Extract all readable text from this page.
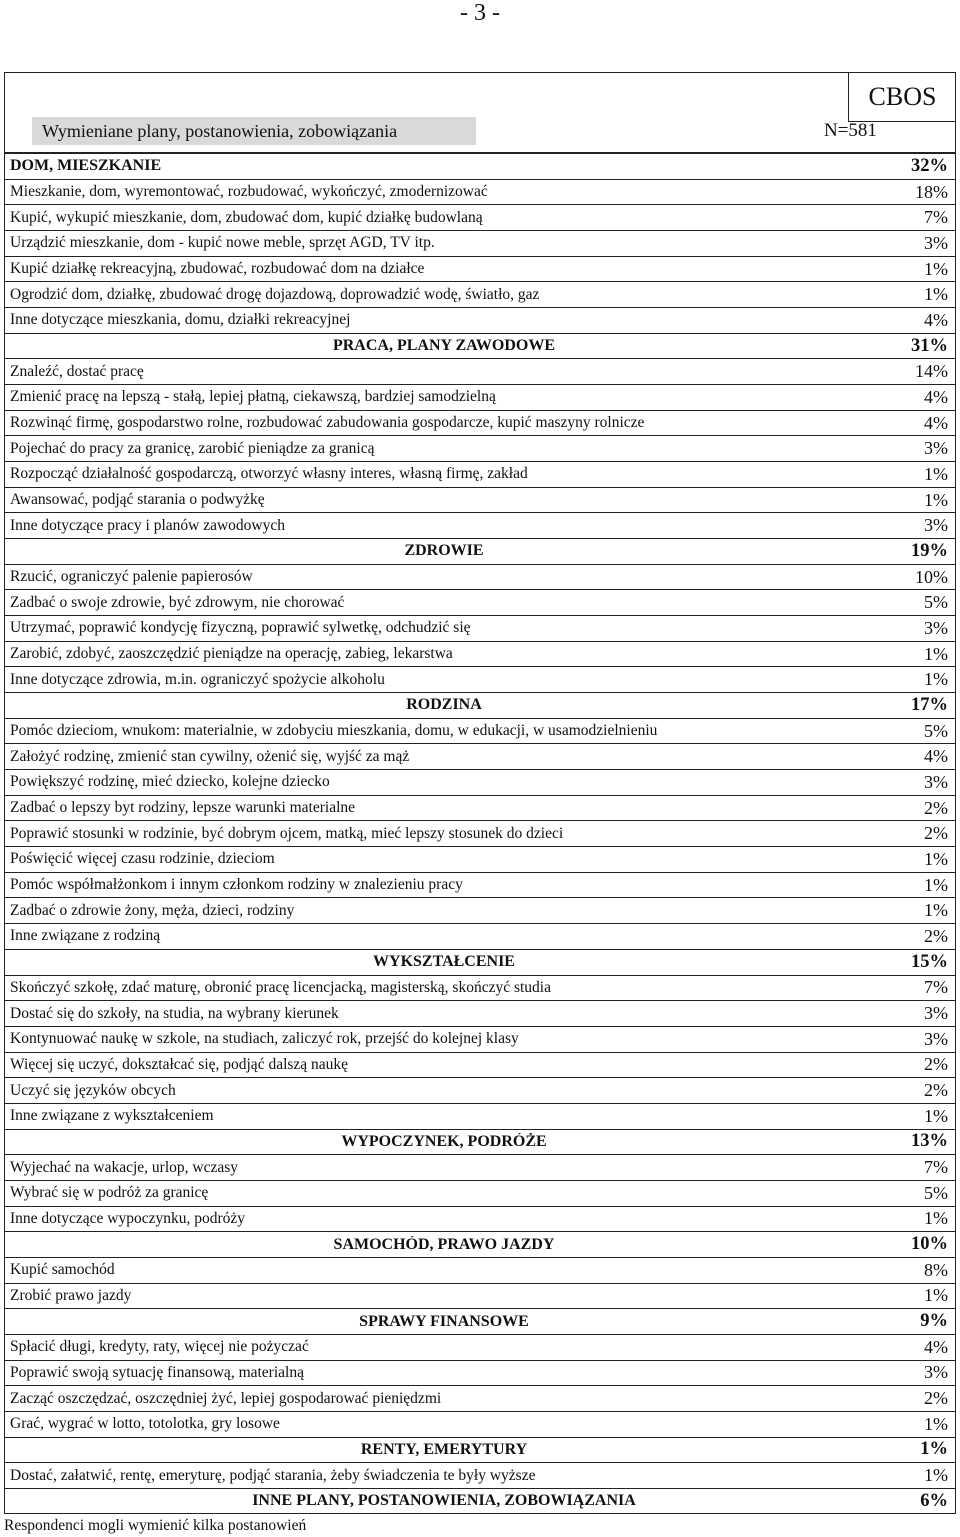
- 3 -
CBOS
Wymieniane plany, postanowienia, zobowiązania	N=581
DOM, MIESZKANIE	32%
Mieszkanie, dom, wyremontować, rozbudować, wykończyć, zmodernizować	18%
Kupić, wykupić mieszkanie, dom, zbudować dom, kupić działkę budowlaną	7%
Urządzić mieszkanie, dom - kupić nowe meble, sprzęt AGD, TV itp.	3%
Kupić działkę rekreacyjną, zbudować, rozbudować dom na działce	1%
Ogrodzić dom, działkę, zbudować drogę dojazdową, doprowadzić wodę, światło, gaz	1%
Inne dotyczące mieszkania, domu, działki rekreacyjnej	4%
PRACA, PLANY ZAWODOWE	31%
Znaleźć, dostać pracę	14%
Zmienić pracę na lepszą - stałą, lepiej płatną, ciekawszą, bardziej samodzielną	4%
Rozwinąć firmę, gospodarstwo rolne, rozbudować zabudowania gospodarcze, kupić maszyny rolnicze	4%
Pojechać do pracy za granicę, zarobić pieniądze za granicą	3%
Rozpocząć działalność gospodarczą, otworzyć własny interes, własną firmę, zakład	1%
Awansować, podjąć starania o podwyżkę	1%
Inne dotyczące pracy i planów zawodowych	3%
ZDROWIE	19%
Rzucić, ograniczyć palenie papierosów	10%
Zadbać o swoje zdrowie, być zdrowym, nie chorować	5%
Utrzymać, poprawić kondycję fizyczną, poprawić sylwetkę, odchudzić się	3%
Zarobić, zdobyć, zaoszczędzić pieniądze na operację, zabieg, lekarstwa	1%
Inne dotyczące zdrowia, m.in. ograniczyć spożycie alkoholu	1%
RODZINA	17%
Pomóc dzieciom, wnukom: materialnie, w zdobyciu mieszkania, domu, w edukacji, w usamodzielnieniu	5%
Założyć rodzinę, zmienić stan cywilny, ożenić się, wyjść za mąż	4%
Powiększyć rodzinę, mieć dziecko, kolejne dziecko	3%
Zadbać o lepszy byt rodziny, lepsze warunki materialne	2%
Poprawić stosunki w rodzinie, być dobrym ojcem, matką, mieć lepszy stosunek do dzieci	2%
Poświęcić więcej czasu rodzinie, dzieciom	1%
Pomóc współmałżonkom i innym członkom rodziny w znalezieniu pracy	1%
Zadbać o zdrowie żony, męża, dzieci, rodziny	1%
Inne związane z rodziną	2%
WYKSZTAŁCENIE	15%
Skończyć szkołę, zdać maturę, obronić pracę licencjacką, magisterską, skończyć studia	7%
Dostać się do szkoły, na studia, na wybrany kierunek	3%
Kontynuować naukę w szkole, na studiach, zaliczyć rok, przejść do kolejnej klasy	3%
Więcej się uczyć, dokształcać się, podjąć dalszą naukę	2%
Uczyć się języków obcych	2%
Inne związane z wykształceniem	1%
WYPOCZYNEK, PODRÓŻE	13%
Wyjechać na wakacje, urlop, wczasy	7%
Wybrać się w podróż za granicę	5%
Inne dotyczące wypoczynku, podróży	1%
SAMOCHÓD, PRAWO JAZDY	10%
Kupić samochód	8%
Zrobić prawo jazdy	1%
SPRAWY FINANSOWE	9%
Spłacić długi, kredyty, raty, więcej nie pożyczać	4%
Poprawić swoją sytuację finansową, materialną	3%
Zacząć oszczędzać, oszczędniej żyć, lepiej gospodarować pieniędzmi	2%
Grać, wygrać w lotto, totolotka, gry losowe	1%
RENTY, EMERYTURY	1%
Dostać, załatwić, rentę, emeryturę, podjąć starania, żeby świadczenia te były wyższe	1%
INNE PLANY, POSTANOWIENIA, ZOBOWIĄZANIA	6%
Respondenci mogli wymienić kilka postanowień
